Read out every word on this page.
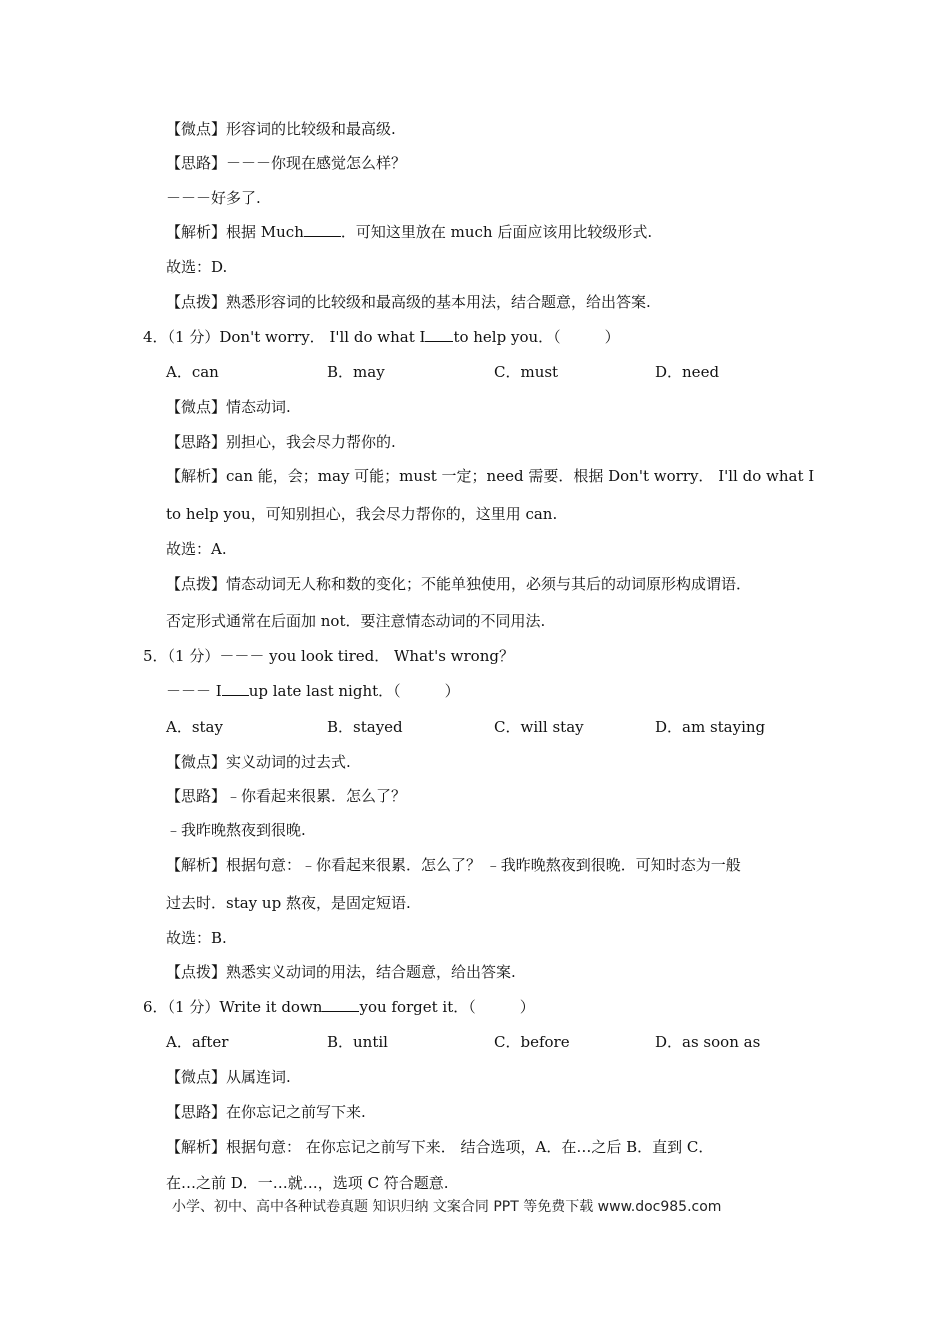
【微点】形容词的比较级和最高级.
【思路】－－－你现在感觉怎么样？
－－－好多了.
【解析】根据 Much ．可知这里放在 much 后面应该用比较级形式.
故选：D.
【点拨】熟悉形容词的比较级和最高级的基本用法，结合题意，给出答案.
4．（1 分）Don't worry． I'll do what I to help you．（	）
A．can	B．may	C．must	D．need
【微点】情态动词.
【思路】别担心，我会尽力帮你的.
【解析】can 能，会；may 可能；must 一定；need 需要．根据 Don't worry． I'll do what I
to help you，可知别担心，我会尽力帮你的，这里用 can.
故选：A.
【点拨】情态动词无人称和数的变化；不能单独使用，必须与其后的动词原形构成谓语．
否定形式通常在后面加 not．要注意情态动词的不同用法.
5．（1 分）－－－ you look tired． What's wrong？
－－－ I up late last night．（	）
A．stay	B．stayed	C．will stay	D．am staying
【微点】实义动词的过去式.
【思路】﹣你看起来很累．怎么了？
﹣我昨晚熬夜到很晚.
【解析】根据句意：﹣你看起来很累．怎么了？ ﹣我昨晚熬夜到很晚．可知时态为一般
过去时．stay up 熬夜，是固定短语.
故选：B.
【点拨】熟悉实义动词的用法，结合题意，给出答案.
6．（1 分）Write it down you forget it．（	）
A．after	B．until	C．before	D．as soon as
【微点】从属连词.
【思路】在你忘记之前写下来.
【解析】根据句意： 在你忘记之前写下来． 结合选项，A．在…之后 B．直到 C．
在…之前 D．一…就…，选项 C 符合题意.
小学、初中、高中各种试卷真题 知识归纳 文案合同 PPT 等免费下载 www.doc985.com
